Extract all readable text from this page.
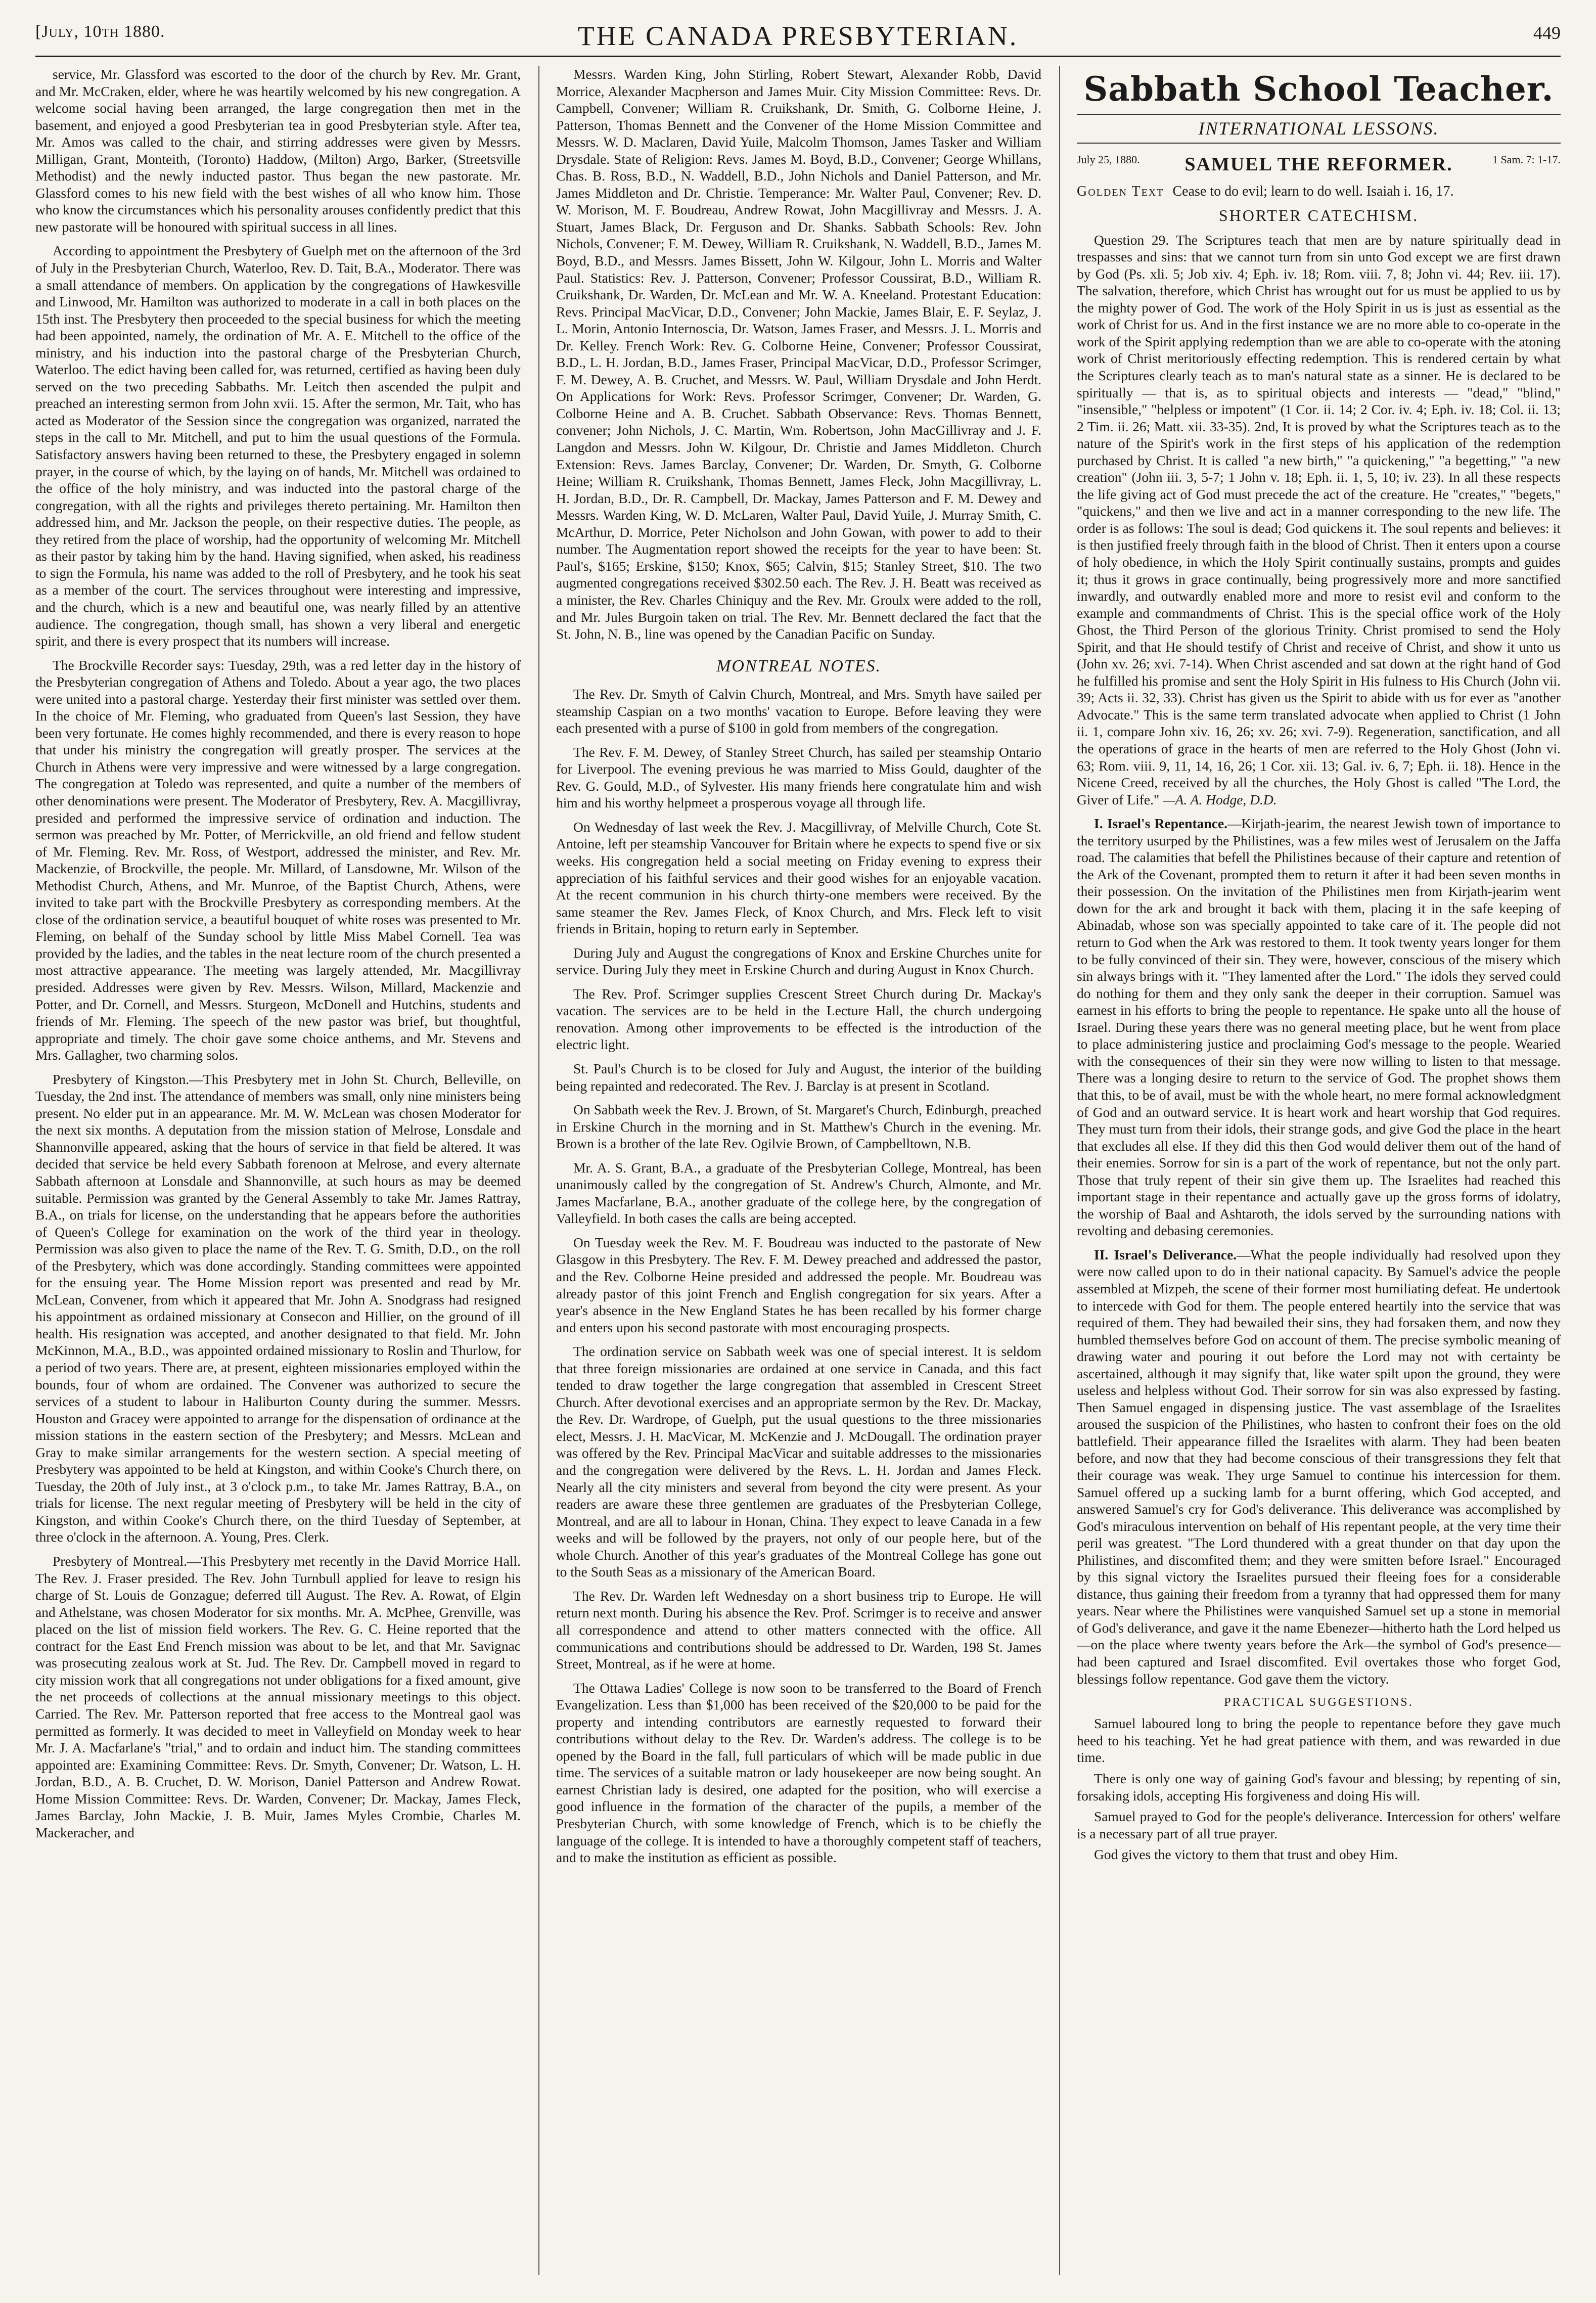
[July, 10th 1880.	THE CANADA PRESBYTERIAN.	449

service, Mr. Glassford was escorted to the door of the church by Rev. Mr. Grant, and Mr. McCraken, elder, where he was heartily welcomed by his new congregation. A welcome social having been arranged, the large congregation then met in the basement, and enjoyed a good Presbyterian tea in good Presbyterian style. After tea, Mr. Amos was called to the chair, and stirring addresses were given by Messrs. Milligan, Grant, Monteith, (Toronto) Haddow, (Milton) Argo, Barker, (Streetsville Methodist) and the newly inducted pastor. Thus began the new pastorate. Mr. Glassford comes to his new field with the best wishes of all who know him. Those who know the circumstances which his personality arouses confidently predict that this new pastorate will be honoured with spiritual success in all lines.

According to appointment the Presbytery of Guelph met on the afternoon of the 3rd of July in the Presbyterian Church, Waterloo, Rev. D. Tait, B.A., Moderator. There was a small attendance of members. On application by the congregations of Hawkesville and Linwood, Mr. Hamilton was authorized to moderate in a call in both places on the 15th inst. The Presbytery then proceeded to the special business for which the meeting had been appointed, namely, the ordination of Mr. A. E. Mitchell to the office of the ministry, and his induction into the pastoral charge of the Presbyterian Church, Waterloo. The edict having been called for, was returned, certified as having been duly served on the two preceding Sabbaths. Mr. Leitch then ascended the pulpit and preached an interesting sermon from John xvii. 15. After the sermon, Mr. Tait, who has acted as Moderator of the Session since the congregation was organized, narrated the steps in the call to Mr. Mitchell, and put to him the usual questions of the Formula. Satisfactory answers having been returned to these, the Presbytery engaged in solemn prayer, in the course of which, by the laying on of hands, Mr. Mitchell was ordained to the office of the holy ministry, and was inducted into the pastoral charge of the congregation, with all the rights and privileges thereto pertaining. Mr. Hamilton then addressed him, and Mr. Jackson the people, on their respective duties. The people, as they retired from the place of worship, had the opportunity of welcoming Mr. Mitchell as their pastor by taking him by the hand. Having signified, when asked, his readiness to sign the Formula, his name was added to the roll of Presbytery, and he took his seat as a member of the court. The services throughout were interesting and impressive, and the church, which is a new and beautiful one, was nearly filled by an attentive audience. The congregation, though small, has shown a very liberal and energetic spirit, and there is every prospect that its numbers will increase.

The Brockville Recorder says: Tuesday, 29th, was a red letter day in the history of the Presbyterian congregation of Athens and Toledo. About a year ago, the two places were united into a pastoral charge. Yesterday their first minister was settled over them. In the choice of Mr. Fleming, who graduated from Queen's last Session, they have been very fortunate. He comes highly recommended, and there is every reason to hope that under his ministry the congregation will greatly prosper. The services at the Church in Athens were very impressive and were witnessed by a large congregation. The congregation at Toledo was represented, and quite a number of the members of other denominations were present. The Moderator of Presbytery, Rev. A. Macgillivray, presided and performed the impressive service of ordination and induction. The sermon was preached by Mr. Potter, of Merrickville, an old friend and fellow student of Mr. Fleming. Rev. Mr. Ross, of Westport, addressed the minister, and Rev. Mr. Mackenzie, of Brockville, the people. Mr. Millard, of Lansdowne, Mr. Wilson of the Methodist Church, Athens, and Mr. Munroe, of the Baptist Church, Athens, were invited to take part with the Brockville Presbytery as corresponding members. At the close of the ordination service, a beautiful bouquet of white roses was presented to Mr. Fleming, on behalf of the Sunday school by little Miss Mabel Cornell. Tea was provided by the ladies, and the tables in the neat lecture room of the church presented a most attractive appearance. The meeting was largely attended, Mr. Macgillivray presided. Addresses were given by Rev. Messrs. Wilson, Millard, Mackenzie and Potter, and Dr. Cornell, and Messrs. Sturgeon, McDonell and Hutchins, students and friends of Mr. Fleming. The speech of the new pastor was brief, but thoughtful, appropriate and timely. The choir gave some choice anthems, and Mr. Stevens and Mrs. Gallagher, two charming solos.

Presbytery of Kingston.—This Presbytery met in John St. Church, Belleville, on Tuesday, the 2nd inst. The attendance of members was small, only nine ministers being present. No elder put in an appearance. Mr. M. W. McLean was chosen Moderator for the next six months. A deputation from the mission station of Melrose, Lonsdale and Shannonville appeared, asking that the hours of service in that field be altered. It was decided that service be held every Sabbath forenoon at Melrose, and every alternate Sabbath afternoon at Lonsdale and Shannonville, at such hours as may be deemed suitable. Permission was granted by the General Assembly to take Mr. James Rattray, B.A., on trials for license, on the understanding that he appears before the authorities of Queen's College for examination on the work of the third year in theology. Permission was also given to place the name of the Rev. T. G. Smith, D.D., on the roll of the Presbytery, which was done accordingly. Standing committees were appointed for the ensuing year. The Home Mission report was presented and read by Mr. McLean, Convener, from which it appeared that Mr. John A. Snodgrass had resigned his appointment as ordained missionary at Consecon and Hillier, on the ground of ill health. His resignation was accepted, and another designated to that field. Mr. John McKinnon, M.A., B.D., was appointed ordained missionary to Roslin and Thurlow, for a period of two years. There are, at present, eighteen missionaries employed within the bounds, four of whom are ordained. The Convener was authorized to secure the services of a student to labour in Haliburton County during the summer. Messrs. Houston and Gracey were appointed to arrange for the dispensation of ordinance at the mission stations in the eastern section of the Presbytery; and Messrs. McLean and Gray to make similar arrangements for the western section. A special meeting of Presbytery was appointed to be held at Kingston, and within Cooke's Church there, on Tuesday, the 20th of July inst., at 3 o'clock p.m., to take Mr. James Rattray, B.A., on trials for license. The next regular meeting of Presbytery will be held in the city of Kingston, and within Cooke's Church there, on the third Tuesday of September, at three o'clock in the afternoon. A. Young, Pres. Clerk.

Presbytery of Montreal.—This Presbytery met recently in the David Morrice Hall. The Rev. J. Fraser presided. The Rev. John Turnbull applied for leave to resign his charge of St. Louis de Gonzague; deferred till August. The Rev. A. Rowat, of Elgin and Athelstane, was chosen Moderator for six months. Mr. A. McPhee, Grenville, was placed on the list of mission field workers. The Rev. G. C. Heine reported that the contract for the East End French mission was about to be let, and that Mr. Savignac was prosecuting zealous work at St. Jud. The Rev. Dr. Campbell moved in regard to city mission work that all congregations not under obligations for a fixed amount, give the net proceeds of collections at the annual missionary meetings to this object. Carried. The Rev. Mr. Patterson reported that free access to the Montreal gaol was permitted as formerly. It was decided to meet in Valleyfield on Monday week to hear Mr. J. A. Macfarlane's "trial," and to ordain and induct him. The standing committees appointed are: Examining Committee: Revs. Dr. Smyth, Convener; Dr. Watson, L. H. Jordan, B.D., A. B. Cruchet, D. W. Morison, Daniel Patterson and Andrew Rowat. Home Mission Committee: Revs. Dr. Warden, Convener; Dr. Mackay, James Fleck, James Barclay, John Mackie, J. B. Muir, James Myles Crombie, Charles M. Mackeracher, and

Messrs. Warden King, John Stirling, Robert Stewart, Alexander Robb, David Morrice, Alexander Macpherson and James Muir. City Mission Committee: Revs. Dr. Campbell, Convener; William R. Cruikshank, Dr. Smith, G. Colborne Heine, J. Patterson, Thomas Bennett and the Convener of the Home Mission Committee and Messrs. W. D. Maclaren, David Yuile, Malcolm Thomson, James Tasker and William Drysdale. State of Religion: Revs. James M. Boyd, B.D., Convener; George Whillans, Chas. B. Ross, B.D., N. Waddell, B.D., John Nichols and Daniel Patterson, and Mr. James Middleton and Dr. Christie. Temperance: Mr. Walter Paul, Convener; Rev. D. W. Morison, M. F. Boudreau, Andrew Rowat, John Macgillivray and Messrs. J. A. Stuart, James Black, Dr. Ferguson and Dr. Shanks. Sabbath Schools: Rev. John Nichols, Convener; F. M. Dewey, William R. Cruikshank, N. Waddell, B.D., James M. Boyd, B.D., and Messrs. James Bissett, John W. Kilgour, John L. Morris and Walter Paul. Statistics: Rev. J. Patterson, Convener; Professor Coussirat, B.D., William R. Cruikshank, Dr. Warden, Dr. McLean and Mr. W. A. Kneeland. Protestant Education: Revs. Principal MacVicar, D.D., Convener; John Mackie, James Blair, E. F. Seylaz, J. L. Morin, Antonio Internoscia, Dr. Watson, James Fraser, and Messrs. J. L. Morris and Dr. Kelley. French Work: Rev. G. Colborne Heine, Convener; Professor Coussirat, B.D., L. H. Jordan, B.D., James Fraser, Principal MacVicar, D.D., Professor Scrimger, F. M. Dewey, A. B. Cruchet, and Messrs. W. Paul, William Drysdale and John Herdt. On Applications for Work: Revs. Professor Scrimger, Convener; Dr. Warden, G. Colborne Heine and A. B. Cruchet. Sabbath Observance: Revs. Thomas Bennett, convener; John Nichols, J. C. Martin, Wm. Robertson, John MacGillivray and J. F. Langdon and Messrs. John W. Kilgour, Dr. Christie and James Middleton. Church Extension: Revs. James Barclay, Convener; Dr. Warden, Dr. Smyth, G. Colborne Heine; William R. Cruikshank, Thomas Bennett, James Fleck, John Macgillivray, L. H. Jordan, B.D., Dr. R. Campbell, Dr. Mackay, James Patterson and F. M. Dewey and Messrs. Warden King, W. D. McLaren, Walter Paul, David Yuile, J. Murray Smith, C. McArthur, D. Morrice, Peter Nicholson and John Gowan, with power to add to their number. The Augmentation report showed the receipts for the year to have been: St. Paul's, $165; Erskine, $150; Knox, $65; Calvin, $15; Stanley Street, $10. The two augmented congregations received $302.50 each. The Rev. J. H. Beatt was received as a minister, the Rev. Charles Chiniquy and the Rev. Mr. Groulx were added to the roll, and Mr. Jules Burgoin taken on trial. The Rev. Mr. Bennett declared the fact that the St. John, N. B., line was opened by the Canadian Pacific on Sunday.

MONTREAL NOTES.

The Rev. Dr. Smyth of Calvin Church, Montreal, and Mrs. Smyth have sailed per steamship Caspian on a two months' vacation to Europe. Before leaving they were each presented with a purse of $100 in gold from members of the congregation.

The Rev. F. M. Dewey, of Stanley Street Church, has sailed per steamship Ontario for Liverpool. The evening previous he was married to Miss Gould, daughter of the Rev. G. Gould, M.D., of Sylvester. His many friends here congratulate him and wish him and his worthy helpmeet a prosperous voyage all through life.

On Wednesday of last week the Rev. J. Macgillivray, of Melville Church, Cote St. Antoine, left per steamship Vancouver for Britain where he expects to spend five or six weeks. His congregation held a social meeting on Friday evening to express their appreciation of his faithful services and their good wishes for an enjoyable vacation. At the recent communion in his church thirty-one members were received. By the same steamer the Rev. James Fleck, of Knox Church, and Mrs. Fleck left to visit friends in Britain, hoping to return early in September.

During July and August the congregations of Knox and Erskine Churches unite for service. During July they meet in Erskine Church and during August in Knox Church.

The Rev. Prof. Scrimger supplies Crescent Street Church during Dr. Mackay's vacation. The services are to be held in the Lecture Hall, the church undergoing renovation. Among other improvements to be effected is the introduction of the electric light.

St. Paul's Church is to be closed for July and August, the interior of the building being repainted and redecorated. The Rev. J. Barclay is at present in Scotland.

On Sabbath week the Rev. J. Brown, of St. Margaret's Church, Edinburgh, preached in Erskine Church in the morning and in St. Matthew's Church in the evening. Mr. Brown is a brother of the late Rev. Ogilvie Brown, of Campbelltown, N.B.

Mr. A. S. Grant, B.A., a graduate of the Presbyterian College, Montreal, has been unanimously called by the congregation of St. Andrew's Church, Almonte, and Mr. James Macfarlane, B.A., another graduate of the college here, by the congregation of Valleyfield. In both cases the calls are being accepted.

On Tuesday week the Rev. M. F. Boudreau was inducted to the pastorate of New Glasgow in this Presbytery. The Rev. F. M. Dewey preached and addressed the pastor, and the Rev. Colborne Heine presided and addressed the people. Mr. Boudreau was already pastor of this joint French and English congregation for six years. After a year's absence in the New England States he has been recalled by his former charge and enters upon his second pastorate with most encouraging prospects.

The ordination service on Sabbath week was one of special interest. It is seldom that three foreign missionaries are ordained at one service in Canada, and this fact tended to draw together the large congregation that assembled in Crescent Street Church. After devotional exercises and an appropriate sermon by the Rev. Dr. Mackay, the Rev. Dr. Wardrope, of Guelph, put the usual questions to the three missionaries elect, Messrs. J. H. MacVicar, M. McKenzie and J. McDougall. The ordination prayer was offered by the Rev. Principal MacVicar and suitable addresses to the missionaries and the congregation were delivered by the Revs. L. H. Jordan and James Fleck. Nearly all the city ministers and several from beyond the city were present. As your readers are aware these three gentlemen are graduates of the Presbyterian College, Montreal, and are all to labour in Honan, China. They expect to leave Canada in a few weeks and will be followed by the prayers, not only of our people here, but of the whole Church. Another of this year's graduates of the Montreal College has gone out to the South Seas as a missionary of the American Board.

The Rev. Dr. Warden left Wednesday on a short business trip to Europe. He will return next month. During his absence the Rev. Prof. Scrimger is to receive and answer all correspondence and attend to other matters connected with the office. All communications and contributions should be addressed to Dr. Warden, 198 St. James Street, Montreal, as if he were at home.

The Ottawa Ladies' College is now soon to be transferred to the Board of French Evangelization. Less than $1,000 has been received of the $20,000 to be paid for the property and intending contributors are earnestly requested to forward their contributions without delay to the Rev. Dr. Warden's address. The college is to be opened by the Board in the fall, full particulars of which will be made public in due time. The services of a suitable matron or lady housekeeper are now being sought. An earnest Christian lady is desired, one adapted for the position, who will exercise a good influence in the formation of the character of the pupils, a member of the Presbyterian Church, with some knowledge of French, which is to be chiefly the language of the college. It is intended to have a thoroughly competent staff of teachers, and to make the institution as efficient as possible.

Sabbath School Teacher.
INTERNATIONAL LESSONS.
July 25, 1880.	SAMUEL THE REFORMER.	1 Sam. 7: 1-17.
Golden Text Cease to do evil; learn to do well. Isaiah i. 16, 17.
SHORTER CATECHISM.

Question 29. The Scriptures teach that men are by nature spiritually dead in trespasses and sins: that we cannot turn from sin unto God except we are first drawn by God (Ps. xli. 5; Job xiv. 4; Eph. iv. 18; Rom. viii. 7, 8; John vi. 44; Rev. iii. 17). The salvation, therefore, which Christ has wrought out for us must be applied to us by the mighty power of God. The work of the Holy Spirit in us is just as essential as the work of Christ for us. And in the first instance we are no more able to co-operate in the work of the Spirit applying redemption than we are able to co-operate with the atoning work of Christ meritoriously effecting redemption. This is rendered certain by what the Scriptures clearly teach as to man's natural state as a sinner. He is declared to be spiritually — that is, as to spiritual objects and interests — "dead," "blind," "insensible," "helpless or impotent" (1 Cor. ii. 14; 2 Cor. iv. 4; Eph. iv. 18; Col. ii. 13; 2 Tim. ii. 26; Matt. xii. 33-35). 2nd, It is proved by what the Scriptures teach as to the nature of the Spirit's work in the first steps of his application of the redemption purchased by Christ. It is called "a new birth," "a quickening," "a begetting," "a new creation" (John iii. 3, 5-7; 1 John v. 18; Eph. ii. 1, 5, 10; iv. 23). In all these respects the life giving act of God must precede the act of the creature. He "creates," "begets," "quickens," and then we live and act in a manner corresponding to the new life. The order is as follows: The soul is dead; God quickens it. The soul repents and believes: it is then justified freely through faith in the blood of Christ. Then it enters upon a course of holy obedience, in which the Holy Spirit continually sustains, prompts and guides it; thus it grows in grace continually, being progressively more and more sanctified inwardly, and outwardly enabled more and more to resist evil and conform to the example and commandments of Christ. This is the special office work of the Holy Ghost, the Third Person of the glorious Trinity. Christ promised to send the Holy Spirit, and that He should testify of Christ and receive of Christ, and show it unto us (John xv. 26; xvi. 7-14). When Christ ascended and sat down at the right hand of God he fulfilled his promise and sent the Holy Spirit in His fulness to His Church (John vii. 39; Acts ii. 32, 33). Christ has given us the Spirit to abide with us for ever as "another Advocate." This is the same term translated advocate when applied to Christ (1 John ii. 1, compare John xiv. 16, 26; xv. 26; xvi. 7-9). Regeneration, sanctification, and all the operations of grace in the hearts of men are referred to the Holy Ghost (John vi. 63; Rom. viii. 9, 11, 14, 16, 26; 1 Cor. xii. 13; Gal. iv. 6, 7; Eph. ii. 18). Hence in the Nicene Creed, received by all the churches, the Holy Ghost is called "The Lord, the Giver of Life." —A. A. Hodge, D.D.

I. Israel's Repentance.—Kirjath-jearim, the nearest Jewish town of importance to the territory usurped by the Philistines, was a few miles west of Jerusalem on the Jaffa road. The calamities that befell the Philistines because of their capture and retention of the Ark of the Covenant, prompted them to return it after it had been seven months in their possession. On the invitation of the Philistines men from Kirjath-jearim went down for the ark and brought it back with them, placing it in the safe keeping of Abinadab, whose son was specially appointed to take care of it. The people did not return to God when the Ark was restored to them. It took twenty years longer for them to be fully convinced of their sin. They were, however, conscious of the misery which sin always brings with it. "They lamented after the Lord." The idols they served could do nothing for them and they only sank the deeper in their corruption. Samuel was earnest in his efforts to bring the people to repentance. He spake unto all the house of Israel. During these years there was no general meeting place, but he went from place to place administering justice and proclaiming God's message to the people. Wearied with the consequences of their sin they were now willing to listen to that message. There was a longing desire to return to the service of God. The prophet shows them that this, to be of avail, must be with the whole heart, no mere formal acknowledgment of God and an outward service. It is heart work and heart worship that God requires. They must turn from their idols, their strange gods, and give God the place in the heart that excludes all else. If they did this then God would deliver them out of the hand of their enemies. Sorrow for sin is a part of the work of repentance, but not the only part. Those that truly repent of their sin give them up. The Israelites had reached this important stage in their repentance and actually gave up the gross forms of idolatry, the worship of Baal and Ashtaroth, the idols served by the surrounding nations with revolting and debasing ceremonies.

II. Israel's Deliverance.—What the people individually had resolved upon they were now called upon to do in their national capacity. By Samuel's advice the people assembled at Mizpeh, the scene of their former most humiliating defeat. He undertook to intercede with God for them. The people entered heartily into the service that was required of them. They had bewailed their sins, they had forsaken them, and now they humbled themselves before God on account of them. The precise symbolic meaning of drawing water and pouring it out before the Lord may not with certainty be ascertained, although it may signify that, like water spilt upon the ground, they were useless and helpless without God. Their sorrow for sin was also expressed by fasting. Then Samuel engaged in dispensing justice. The vast assemblage of the Israelites aroused the suspicion of the Philistines, who hasten to confront their foes on the old battlefield. Their appearance filled the Israelites with alarm. They had been beaten before, and now that they had become conscious of their transgressions they felt that their courage was weak. They urge Samuel to continue his intercession for them. Samuel offered up a sucking lamb for a burnt offering, which God accepted, and answered Samuel's cry for God's deliverance. This deliverance was accomplished by God's miraculous intervention on behalf of His repentant people, at the very time their peril was greatest. "The Lord thundered with a great thunder on that day upon the Philistines, and discomfited them; and they were smitten before Israel." Encouraged by this signal victory the Israelites pursued their fleeing foes for a considerable distance, thus gaining their freedom from a tyranny that had oppressed them for many years. Near where the Philistines were vanquished Samuel set up a stone in memorial of God's deliverance, and gave it the name Ebenezer—hitherto hath the Lord helped us—on the place where twenty years before the Ark—the symbol of God's presence—had been captured and Israel discomfited. Evil overtakes those who forget God, blessings follow repentance. God gave them the victory.

PRACTICAL SUGGESTIONS.

Samuel laboured long to bring the people to repentance before they gave much heed to his teaching. Yet he had great patience with them, and was rewarded in due time.

There is only one way of gaining God's favour and blessing; by repenting of sin, forsaking idols, accepting His forgiveness and doing His will.

Samuel prayed to God for the people's deliverance. Intercession for others' welfare is a necessary part of all true prayer.

God gives the victory to them that trust and obey Him.
